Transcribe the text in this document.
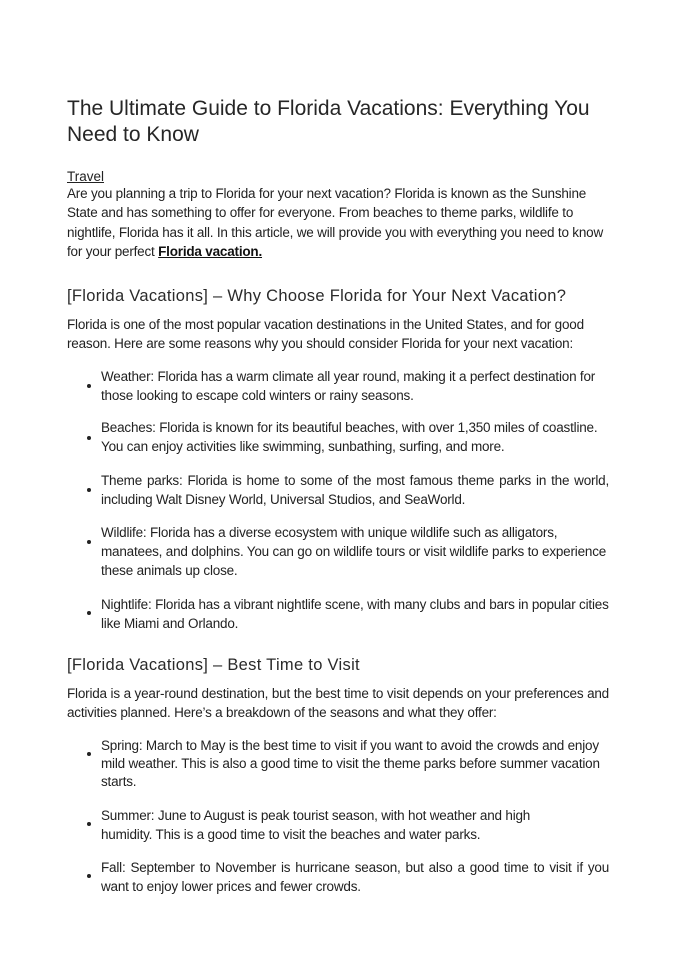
The Ultimate Guide to Florida Vacations: Everything You Need to Know
Travel

Are you planning a trip to Florida for your next vacation? Florida is known as the Sunshine State and has something to offer for everyone. From beaches to theme parks, wildlife to nightlife, Florida has it all. In this article, we will provide you with everything you need to know for your perfect Florida vacation.

[Florida Vacations] – Why Choose Florida for Your Next Vacation?

Florida is one of the most popular vacation destinations in the United States, and for good reason. Here are some reasons why you should consider Florida for your next vacation:

Weather: Florida has a warm climate all year round, making it a perfect destination for those looking to escape cold winters or rainy seasons.
Beaches: Florida is known for its beautiful beaches, with over 1,350 miles of coastline. You can enjoy activities like swimming, sunbathing, surfing, and more.
Theme parks: Florida is home to some of the most famous theme parks in the world, including Walt Disney World, Universal Studios, and SeaWorld.
Wildlife: Florida has a diverse ecosystem with unique wildlife such as alligators, manatees, and dolphins. You can go on wildlife tours or visit wildlife parks to experience these animals up close.
Nightlife: Florida has a vibrant nightlife scene, with many clubs and bars in popular cities like Miami and Orlando.
[Florida Vacations] – Best Time to Visit

Florida is a year-round destination, but the best time to visit depends on your preferences and activities planned. Here’s a breakdown of the seasons and what they offer:

Spring: March to May is the best time to visit if you want to avoid the crowds and enjoy mild weather. This is also a good time to visit the theme parks before summer vacation starts.
Summer: June to August is peak tourist season, with hot weather and high humidity. This is a good time to visit the beaches and water parks.
Fall: September to November is hurricane season, but also a good time to visit if you want to enjoy lower prices and fewer crowds.
